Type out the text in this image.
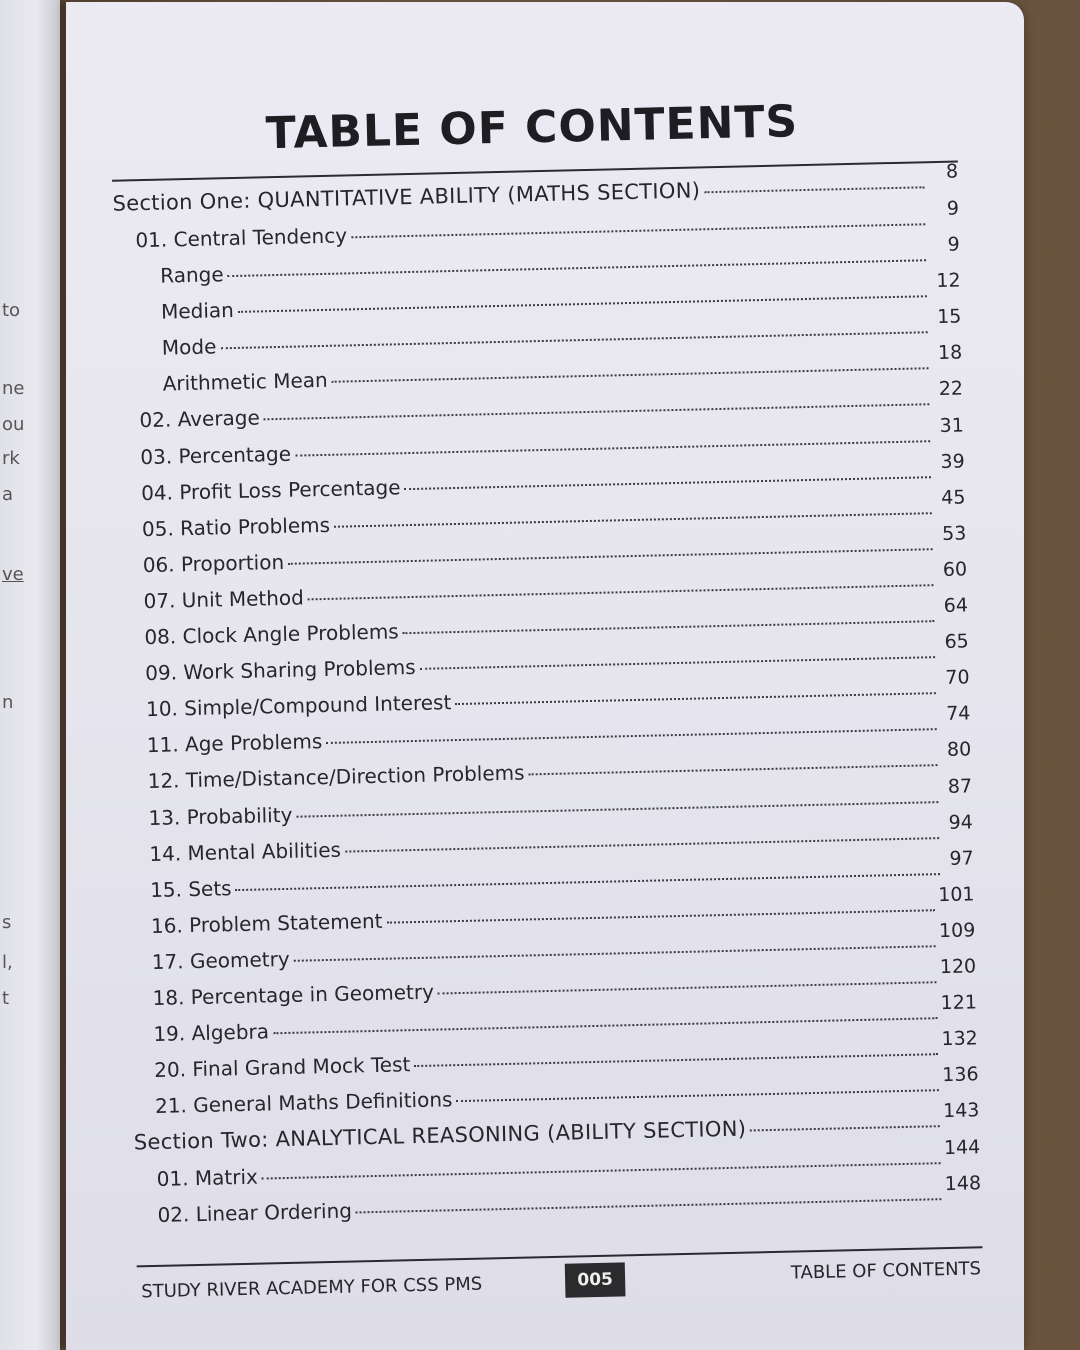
to
ne
ou
rk
a
ve
n
s
l,
t
TABLE OF CONTENTS
Section One: QUANTITATIVE ABILITY (MATHS SECTION)
8
01. Central Tendency
9
Range
9
Median
12
Mode
15
Arithmetic Mean
18
02. Average
22
03. Percentage
31
04. Profit Loss Percentage
39
05. Ratio Problems
45
06. Proportion
53
07. Unit Method
60
08. Clock Angle Problems
64
09. Work Sharing Problems
65
10. Simple/Compound Interest
70
11. Age Problems
74
12. Time/Distance/Direction Problems
80
13. Probability
87
14. Mental Abilities
94
15. Sets
97
16. Problem Statement
101
17. Geometry
109
18. Percentage in Geometry
120
19. Algebra
121
20. Final Grand Mock Test
132
21. General Maths Definitions
136
Section Two: ANALYTICAL REASONING (ABILITY SECTION)
143
01. Matrix
144
02. Linear Ordering
148
STUDY RIVER ACADEMY FOR CSS PMS	005	TABLE OF CONTENTS
